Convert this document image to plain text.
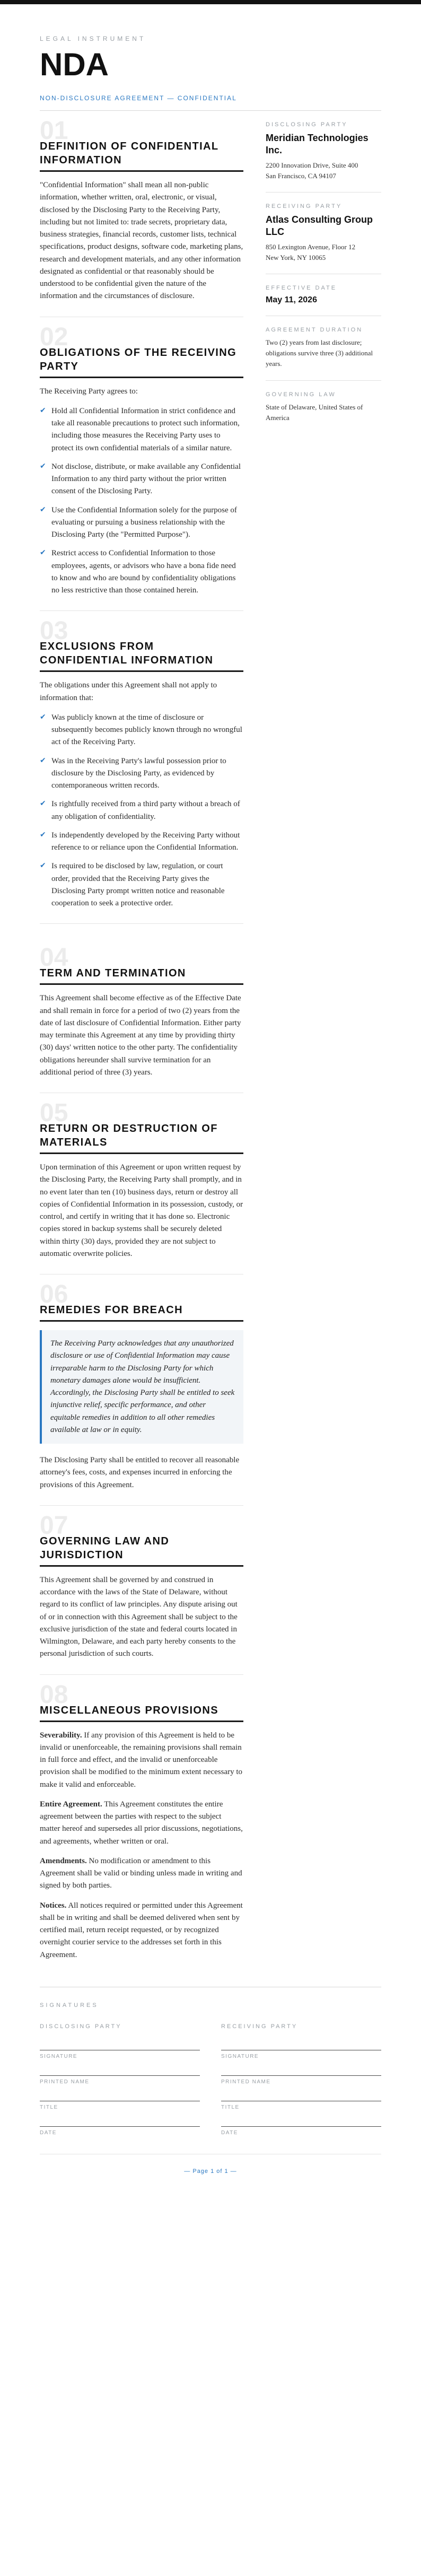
LEGAL INSTRUMENT
NDA
NON-DISCLOSURE AGREEMENT — CONFIDENTIAL
01
DEFINITION OF CONFIDENTIAL INFORMATION

"Confidential Information" shall mean all non-public information, whether written, oral, electronic, or visual, disclosed by the Disclosing Party to the Receiving Party, including but not limited to: trade secrets, proprietary data, business strategies, financial records, customer lists, technical specifications, product designs, software code, marketing plans, research and development materials, and any other information designated as confidential or that reasonably should be understood to be confidential given the nature of the information and the circumstances of disclosure.

02
OBLIGATIONS OF THE RECEIVING PARTY

The Receiving Party agrees to:

✔ Hold all Confidential Information in strict confidence and take all reasonable precautions to protect such information, including those measures the Receiving Party uses to protect its own confidential materials of a similar nature.
✔ Not disclose, distribute, or make available any Confidential Information to any third party without the prior written consent of the Disclosing Party.
✔ Use the Confidential Information solely for the purpose of evaluating or pursuing a business relationship with the Disclosing Party (the "Permitted Purpose").
✔ Restrict access to Confidential Information to those employees, agents, or advisors who have a bona fide need to know and who are bound by confidentiality obligations no less restrictive than those contained herein.
03
EXCLUSIONS FROM CONFIDENTIAL INFORMATION

The obligations under this Agreement shall not apply to information that:

✔ Was publicly known at the time of disclosure or subsequently becomes publicly known through no wrongful act of the Receiving Party.
✔ Was in the Receiving Party's lawful possession prior to disclosure by the Disclosing Party, as evidenced by contemporaneous written records.
✔ Is rightfully received from a third party without a breach of any obligation of confidentiality.
✔ Is independently developed by the Receiving Party without reference to or reliance upon the Confidential Information.
✔ Is required to be disclosed by law, regulation, or court order, provided that the Receiving Party gives the Disclosing Party prompt written notice and reasonable cooperation to seek a protective order.
04
TERM AND TERMINATION

This Agreement shall become effective as of the Effective Date and shall remain in force for a period of two (2) years from the date of last disclosure of Confidential Information. Either party may terminate this Agreement at any time by providing thirty (30) days' written notice to the other party. The confidentiality obligations hereunder shall survive termination for an additional period of three (3) years.

05
RETURN OR DESTRUCTION OF MATERIALS

Upon termination of this Agreement or upon written request by the Disclosing Party, the Receiving Party shall promptly, and in no event later than ten (10) business days, return or destroy all copies of Confidential Information in its possession, custody, or control, and certify in writing that it has done so. Electronic copies stored in backup systems shall be securely deleted within thirty (30) days, provided they are not subject to automatic overwrite policies.

06
REMEDIES FOR BREACH
The Receiving Party acknowledges that any unauthorized disclosure or use of Confidential Information may cause irreparable harm to the Disclosing Party for which monetary damages alone would be insufficient. Accordingly, the Disclosing Party shall be entitled to seek injunctive relief, specific performance, and other equitable remedies in addition to all other remedies available at law or in equity.

The Disclosing Party shall be entitled to recover all reasonable attorney's fees, costs, and expenses incurred in enforcing the provisions of this Agreement.

07
GOVERNING LAW AND JURISDICTION

This Agreement shall be governed by and construed in accordance with the laws of the State of Delaware, without regard to its conflict of law principles. Any dispute arising out of or in connection with this Agreement shall be subject to the exclusive jurisdiction of the state and federal courts located in Wilmington, Delaware, and each party hereby consents to the personal jurisdiction of such courts.

08
MISCELLANEOUS PROVISIONS

Severability. If any provision of this Agreement is held to be invalid or unenforceable, the remaining provisions shall remain in full force and effect, and the invalid or unenforceable provision shall be modified to the minimum extent necessary to make it valid and enforceable.

Entire Agreement. This Agreement constitutes the entire agreement between the parties with respect to the subject matter hereof and supersedes all prior discussions, negotiations, and agreements, whether written or oral.

Amendments. No modification or amendment to this Agreement shall be valid or binding unless made in writing and signed by both parties.

Notices. All notices required or permitted under this Agreement shall be in writing and shall be deemed delivered when sent by certified mail, return receipt requested, or by recognized overnight courier service to the addresses set forth in this Agreement.

DISCLOSING PARTY
Meridian Technologies Inc.
2200 Innovation Drive, Suite 400
San Francisco, CA 94107
RECEIVING PARTY
Atlas Consulting Group LLC
850 Lexington Avenue, Floor 12
New York, NY 10065
EFFECTIVE DATE
May 11, 2026
AGREEMENT DURATION
Two (2) years from last disclosure; obligations survive three (3) additional years.
GOVERNING LAW
State of Delaware, United States of America
SIGNATURES
DISCLOSING PARTY
SIGNATURE
PRINTED NAME
TITLE
DATE
RECEIVING PARTY
SIGNATURE
PRINTED NAME
TITLE
DATE
— Page 1 of 1 —
